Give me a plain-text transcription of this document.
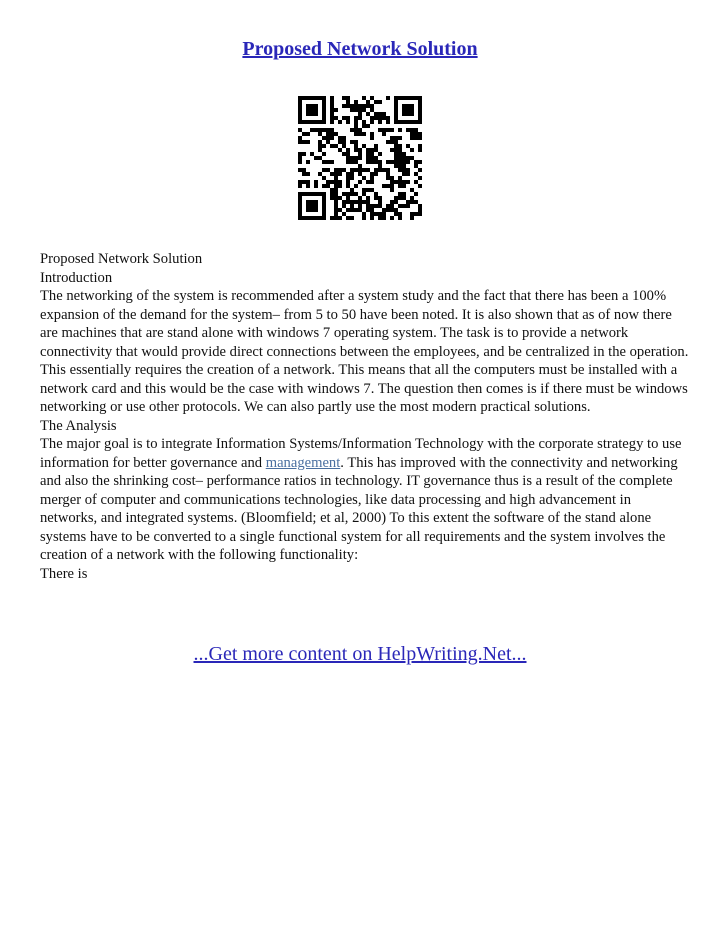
Proposed Network Solution

Proposed Network Solution

Introduction

The networking of the system is recommended after a system study and the fact that there has been a 100% expansion of the demand for the system– from 5 to 50 have been noted. It is also shown that as of now there are machines that are stand alone with windows 7 operating system. The task is to provide a network connectivity that would provide direct connections between the employees, and be centralized in the operation. This essentially requires the creation of a network. This means that all the computers must be installed with a network card and this would be the case with windows 7. The question then comes is if there must be windows networking or use other protocols. We can also partly use the most modern practical solutions.

The Analysis

The major goal is to integrate Information Systems/Information Technology with the corporate strategy to use information for better governance and management. This has improved with the connectivity and networking and also the shrinking cost– performance ratios in technology. IT governance thus is a result of the complete merger of computer and communications technologies, like data processing and high advancement in networks, and integrated systems. (Bloomfield; et al, 2000) To this extent the software of the stand alone systems have to be converted to a single functional system for all requirements and the system involves the creation of a network with the following functionality:

There is

...Get more content on HelpWriting.Net...
